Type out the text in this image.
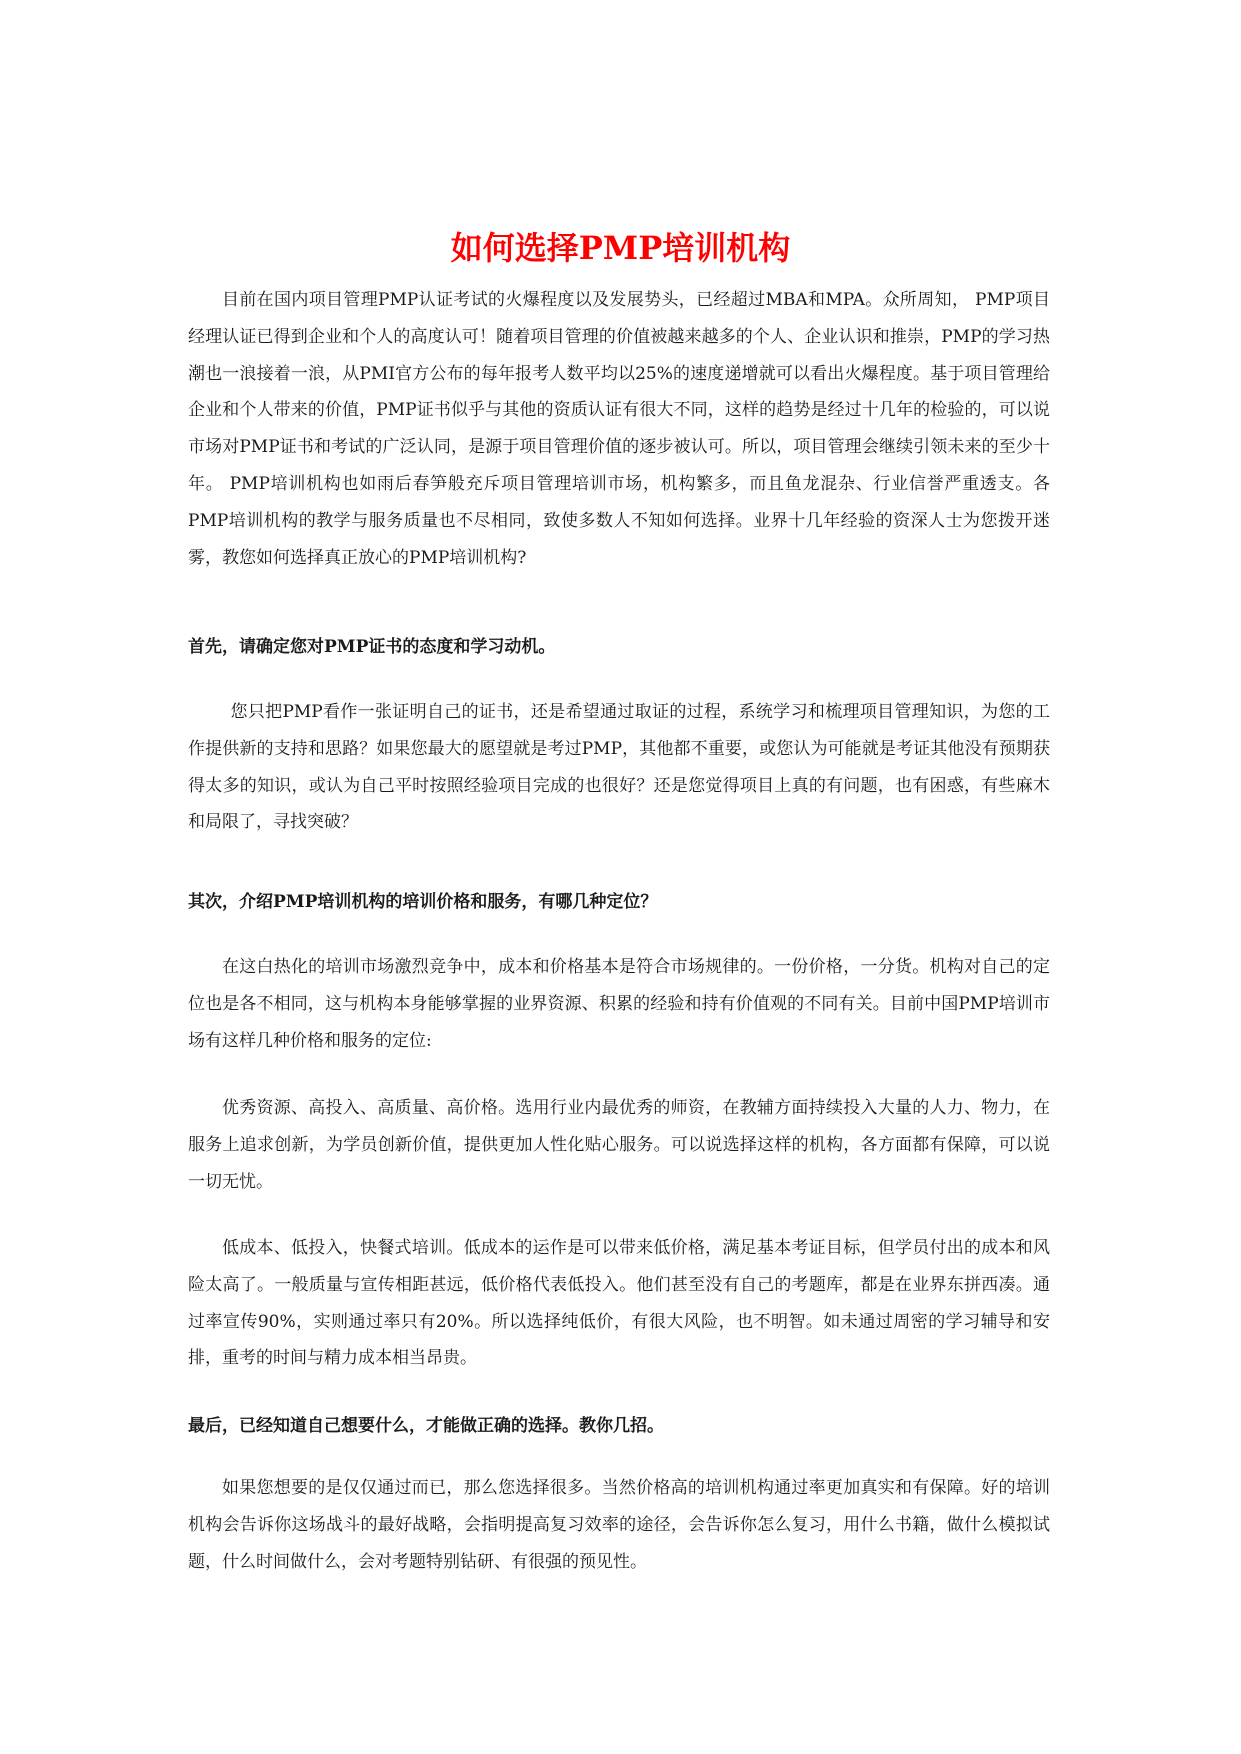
如何选择PMP培训机构

目前在国内项目管理PMP认证考试的火爆程度以及发展势头，已经超过MBA和MPA。众所周知， PMP项目经理认证已得到企业和个人的高度认可！随着项目管理的价值被越来越多的个人、企业认识和推崇，PMP的学习热潮也一浪接着一浪，从PMI官方公布的每年报考人数平均以25%的速度递增就可以看出火爆程度。基于项目管理给企业和个人带来的价值，PMP证书似乎与其他的资质认证有很大不同，这样的趋势是经过十几年的检验的，可以说市场对PMP证书和考试的广泛认同，是源于项目管理价值的逐步被认可。所以，项目管理会继续引领未来的至少十年。 PMP培训机构也如雨后春笋般充斥项目管理培训市场，机构繁多，而且鱼龙混杂、行业信誉严重透支。各PMP培训机构的教学与服务质量也不尽相同，致使多数人不知如何选择。业界十几年经验的资深人士为您拨开迷雾，教您如何选择真正放心的PMP培训机构?

首先，请确定您对PMP证书的态度和学习动机。

您只把PMP看作一张证明自己的证书，还是希望通过取证的过程，系统学习和梳理项目管理知识，为您的工作提供新的支持和思路？如果您最大的愿望就是考过PMP，其他都不重要，或您认为可能就是考证其他没有预期获得太多的知识，或认为自己平时按照经验项目完成的也很好？还是您觉得项目上真的有问题，也有困惑，有些麻木和局限了，寻找突破？

其次，介绍PMP培训机构的培训价格和服务，有哪几种定位？

在这白热化的培训市场激烈竞争中，成本和价格基本是符合市场规律的。一份价格，一分货。机构对自己的定位也是各不相同，这与机构本身能够掌握的业界资源、积累的经验和持有价值观的不同有关。目前中国PMP培训市场有这样几种价格和服务的定位:

优秀资源、高投入、高质量、高价格。选用行业内最优秀的师资，在教辅方面持续投入大量的人力、物力，在服务上追求创新，为学员创新价值，提供更加人性化贴心服务。可以说选择这样的机构，各方面都有保障，可以说一切无忧。

低成本、低投入，快餐式培训。低成本的运作是可以带来低价格，满足基本考证目标，但学员付出的成本和风险太高了。一般质量与宣传相距甚远，低价格代表低投入。他们甚至没有自己的考题库，都是在业界东拼西凑。通过率宣传90%，实则通过率只有20%。所以选择纯低价，有很大风险，也不明智。如未通过周密的学习辅导和安排，重考的时间与精力成本相当昂贵。

最后，已经知道自己想要什么，才能做正确的选择。教你几招。

如果您想要的是仅仅通过而已，那么您选择很多。当然价格高的培训机构通过率更加真实和有保障。好的培训机构会告诉你这场战斗的最好战略，会指明提高复习效率的途径，会告诉你怎么复习，用什么书籍，做什么模拟试题，什么时间做什么，会对考题特别钻研、有很强的预见性。
